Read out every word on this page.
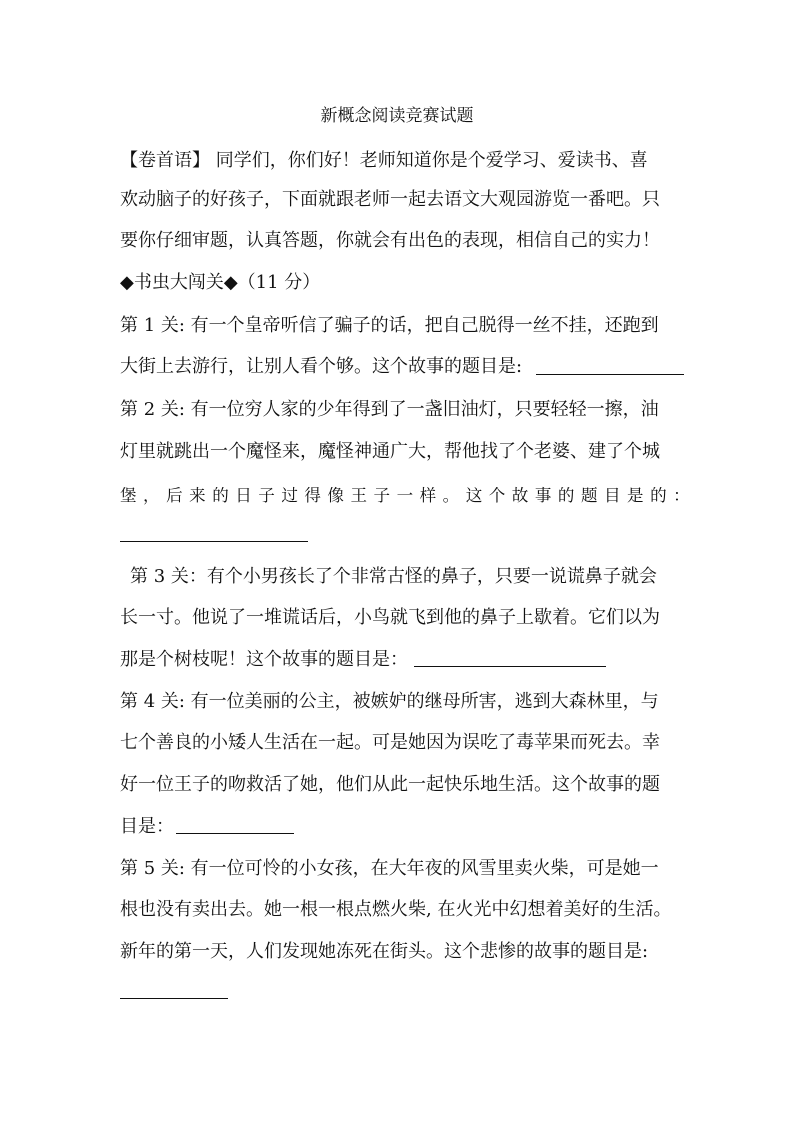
新概念阅读竞赛试题
【卷首语】 同学们，你们好！老师知道你是个爱学习、爱读书、喜
欢动脑子的好孩子，下面就跟老师一起去语文大观园游览一番吧。只
要你仔细审题，认真答题，你就会有出色的表现，相信自己的实力！
◆书虫大闯关◆（11 分）
第 1 关: 有一个皇帝听信了骗子的话，把自己脱得一丝不挂，还跑到
大街上去游行，让别人看个够。这个故事的题目是:
第 2 关: 有一位穷人家的少年得到了一盏旧油灯，只要轻轻一擦，油
灯里就跳出一个魔怪来，魔怪神通广大，帮他找了个老婆、建了个城
堡，后来的日子过得像王子一样。这个故事的题目是的：
第 3 关：有个小男孩长了个非常古怪的鼻子，只要一说谎鼻子就会
长一寸。他说了一堆谎话后，小鸟就飞到他的鼻子上歇着。它们以为
那是个树枝呢！这个故事的题目是：
第 4 关: 有一位美丽的公主，被嫉妒的继母所害，逃到大森林里，与
七个善良的小矮人生活在一起。可是她因为误吃了毒苹果而死去。幸
好一位王子的吻救活了她，他们从此一起快乐地生活。这个故事的题
目是：
第 5 关: 有一位可怜的小女孩，在大年夜的风雪里卖火柴，可是她一
根也没有卖出去。她一根一根点燃火柴, 在火光中幻想着美好的生活。
新年的第一天，人们发现她冻死在街头。这个悲惨的故事的题目是:
